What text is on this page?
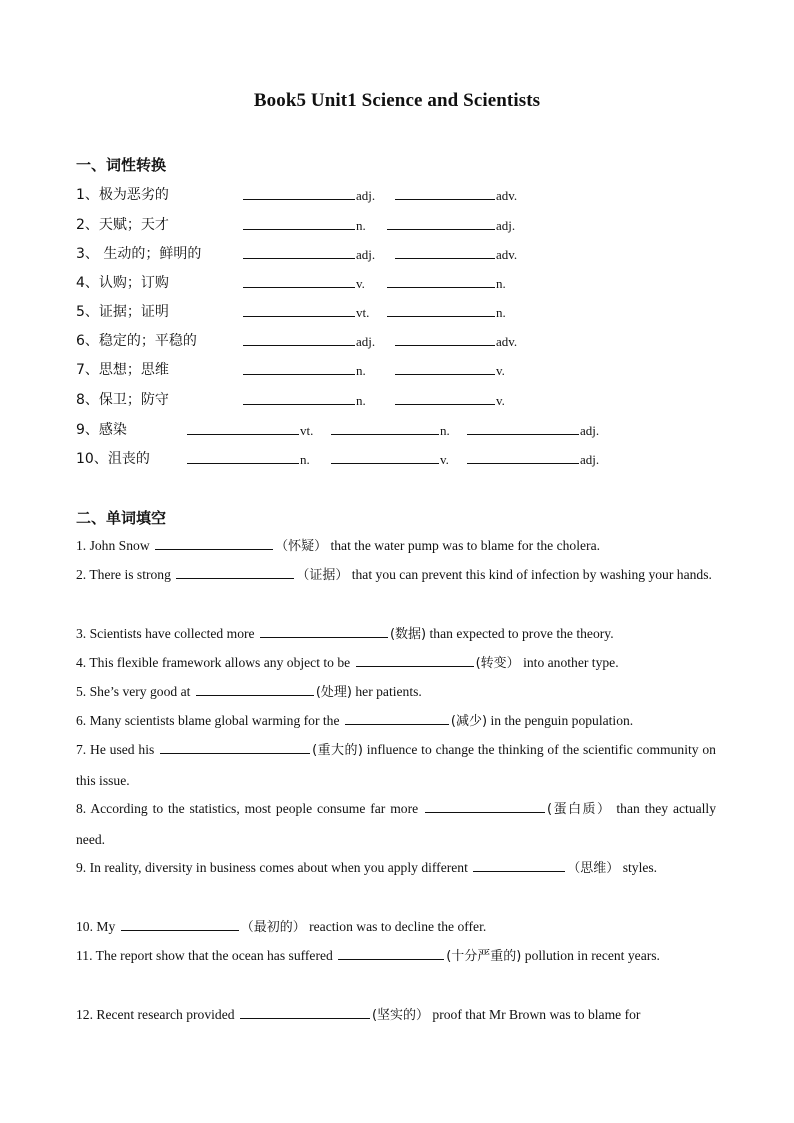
Book5 Unit1 Science and Scientists
一、词性转换
1、极为恶劣的	adj.	adv.
2、天赋；天才	n.	adj.
3、 生动的；鲜明的	adj.	adv.
4、认购；订购	v.	n.
5、证据；证明	vt.	n.
6、稳定的；平稳的	adj.	adv.
7、思想；思维	n.	v.
8、保卫；防守	n.	v.
9、感染	vt.	n.	adj.
10、沮丧的	n.	v.	adj.
二、单词填空
1. John Snow	（怀疑） that the water pump was to blame for the cholera.
2. There is strong	（证据） that you can prevent this kind of infection by washing your hands.
3. Scientists have collected more	(数据) than expected to prove the theory.
4. This flexible framework allows any object to be	(转变） into another type.
5. She’s very good at	(处理) her patients.
6. Many scientists blame global warming for the	(减少) in the penguin population.
7. He used his	(重大的) influence to change the thinking of the scientific community on this issue.
8. According to the statistics, most people consume far more	(蛋白质） than they actually need.
9. In reality, diversity in business comes about when you apply different	（思维） styles.
10. My	（最初的） reaction was to decline the offer.
11. The report show that the ocean has suffered	(十分严重的) pollution in recent years.
12. Recent research provided	(坚实的） proof that Mr Brown was to blame for
